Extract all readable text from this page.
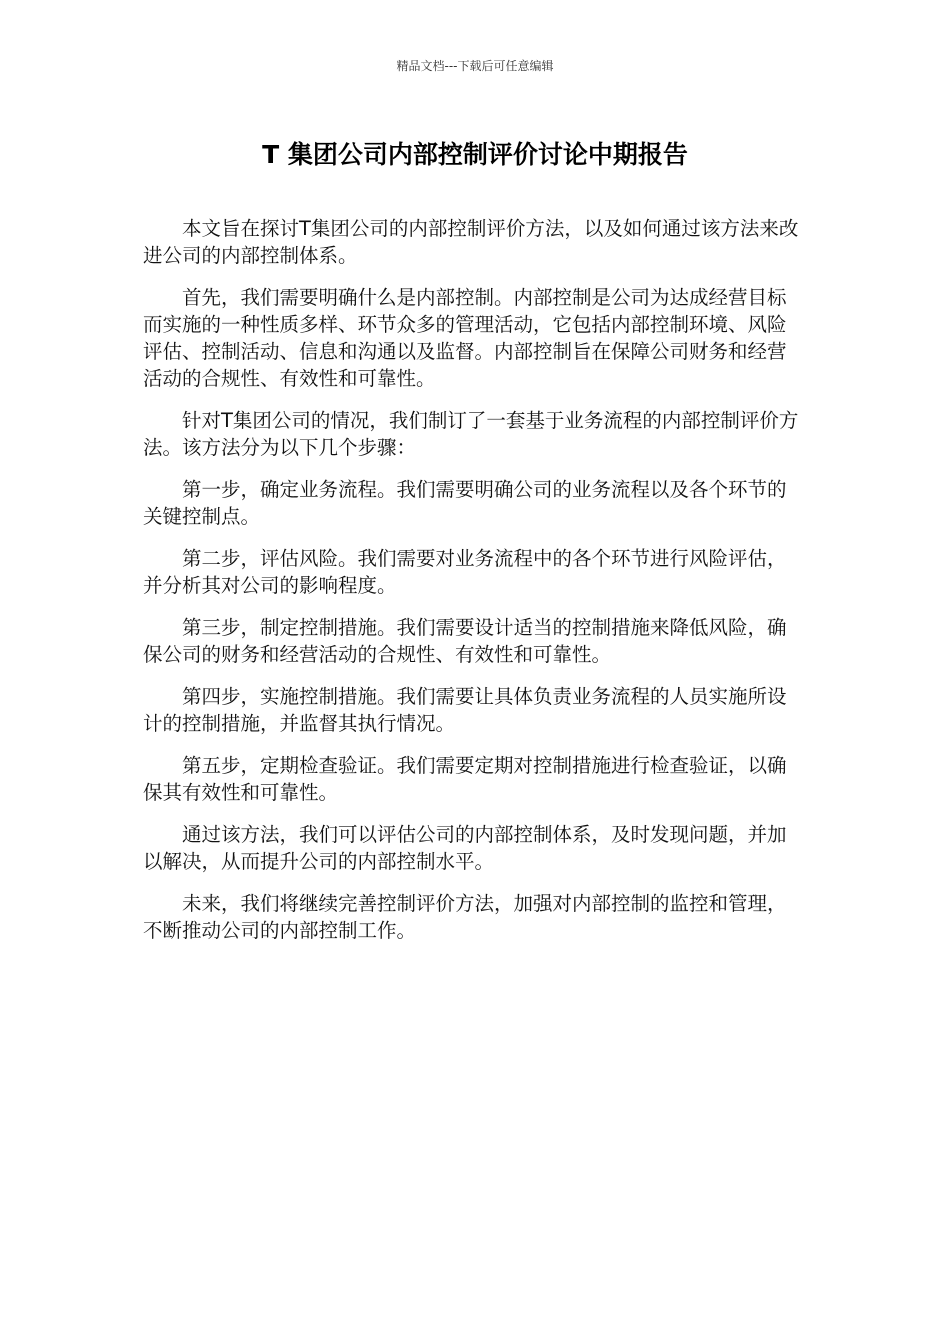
精品文档---下载后可任意编辑
T 集团公司内部控制评价讨论中期报告

本文旨在探讨T集团公司的内部控制评价方法，以及如何通过该方法来改进公司的内部控制体系。

首先，我们需要明确什么是内部控制。内部控制是公司为达成经营目标而实施的一种性质多样、环节众多的管理活动，它包括内部控制环境、风险评估、控制活动、信息和沟通以及监督。内部控制旨在保障公司财务和经营活动的合规性、有效性和可靠性。

针对T集团公司的情况，我们制订了一套基于业务流程的内部控制评价方法。该方法分为以下几个步骤：

第一步，确定业务流程。我们需要明确公司的业务流程以及各个环节的关键控制点。

第二步，评估风险。我们需要对业务流程中的各个环节进行风险评估，并分析其对公司的影响程度。

第三步，制定控制措施。我们需要设计适当的控制措施来降低风险，确保公司的财务和经营活动的合规性、有效性和可靠性。

第四步，实施控制措施。我们需要让具体负责业务流程的人员实施所设计的控制措施，并监督其执行情况。

第五步，定期检查验证。我们需要定期对控制措施进行检查验证，以确保其有效性和可靠性。

通过该方法，我们可以评估公司的内部控制体系，及时发现问题，并加以解决，从而提升公司的内部控制水平。

未来，我们将继续完善控制评价方法，加强对内部控制的监控和管理，不断推动公司的内部控制工作。
